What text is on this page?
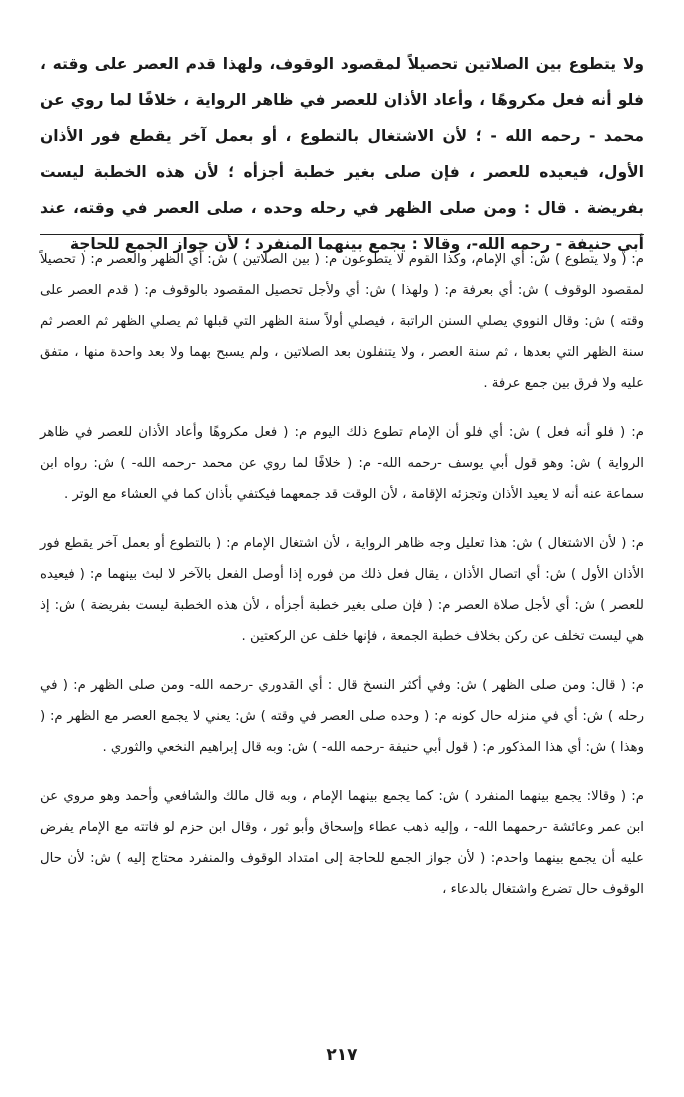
ولا يتطوع بين الصلاتين تحصيلاً لمقصود الوقوف، ولهذا قدم العصر على وقته ، فلو أنه فعل مكروهًا ، وأعاد الأذان للعصر في ظاهر الرواية ، خلافًا لما روي عن محمد - رحمه الله - ؛ لأن الاشتغال بالتطوع ، أو بعمل آخر يقطع فور الأذان الأول، فيعيده للعصر ، فإن صلى بغير خطبة أجزأه ؛ لأن هذه الخطبة ليست بفريضة . قال : ومن صلى الظهر في رحله وحده ، صلى العصر في وقته، عند أبي حنيفة - رحمه الله-، وقالا : يجمع بينهما المنفرد ؛ لأن جواز الجمع للحاجة

م: ( ولا يتطوع ) ش: أي الإمام، وكذا القوم لا يتطوعون م: ( بين الصلاتين ) ش: أي الظهر والعصر م: ( تحصيلاً لمقصود الوقوف ) ش: أي بعرفة م: ( ولهذا ) ش: أي ولأجل تحصيل المقصود بالوقوف م: ( قدم العصر على وقته ) ش: وقال النووي يصلي السنن الراتبة ، فيصلي أولاً سنة الظهر التي قبلها ثم يصلي الظهر ثم العصر ثم سنة الظهر التي بعدها ، ثم سنة العصر ، ولا يتنفلون بعد الصلاتين ، ولم يسبح بهما ولا بعد واحدة منها ، متفق عليه ولا فرق بين جمع عرفة .

م: ( فلو أنه فعل ) ش: أي فلو أن الإمام تطوع ذلك اليوم م: ( فعل مكروهًا وأعاد الأذان للعصر في ظاهر الرواية ) ش: وهو قول أبي يوسف -رحمه الله- م: ( خلافًا لما روي عن محمد -رحمه الله- ) ش: رواه ابن سماعة عنه أنه لا يعيد الأذان وتجزئه الإقامة ، لأن الوقت قد جمعهما فيكتفي بأذان كما في العشاء مع الوتر .

م: ( لأن الاشتغال ) ش: هذا تعليل وجه ظاهر الرواية ، لأن اشتغال الإمام م: ( بالتطوع أو بعمل آخر يقطع فور الأذان الأول ) ش: أي اتصال الأذان ، يقال فعل ذلك من فوره إذا أوصل الفعل بالآخر لا لبث بينهما م: ( فيعيده للعصر ) ش: أي لأجل صلاة العصر م: ( فإن صلى بغير خطبة أجزأه ، لأن هذه الخطبة ليست بفريضة ) ش: إذ هي ليست تخلف عن ركن بخلاف خطبة الجمعة ، فإنها خلف عن الركعتين .

م: ( قال: ومن صلى الظهر ) ش: وفي أكثر النسخ قال : أي القدوري -رحمه الله- ومن صلى الظهر م: ( في رحله ) ش: أي في منزله حال كونه م: ( وحده صلى العصر في وقته ) ش: يعني لا يجمع العصر مع الظهر م: ( وهذا ) ش: أي هذا المذكور م: ( قول أبي حنيفة -رحمه الله- ) ش: وبه قال إبراهيم النخعي والثوري .

م: ( وقالا: يجمع بينهما المنفرد ) ش: كما يجمع بينهما الإمام ، وبه قال مالك والشافعي وأحمد وهو مروي عن ابن عمر وعائشة -رحمهما الله- ، وإليه ذهب عطاء وإسحاق وأبو ثور ، وقال ابن حزم لو فاتته مع الإمام يفرض عليه أن يجمع بينهما واحدم: ( لأن جواز الجمع للحاجة إلى امتداد الوقوف والمنفرد محتاج إليه ) ش: لأن حال الوقوف حال تضرع واشتغال بالدعاء ،

٢١٧
